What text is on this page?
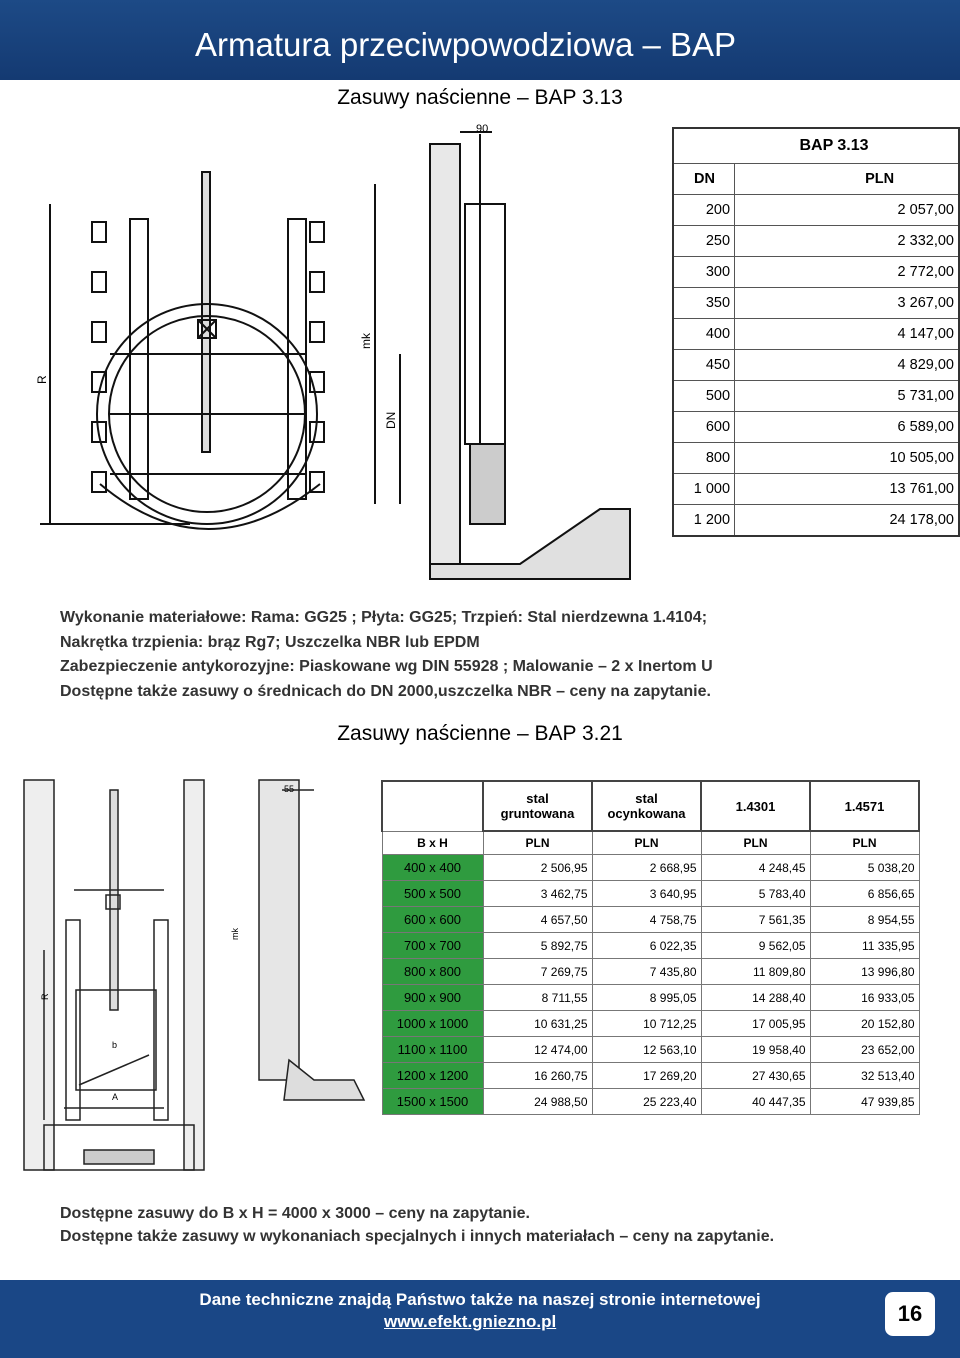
Armatura przeciwpowodziowa – BAP
Zasuwy naścienne – BAP 3.13
90
mk
DN
R
BAP 3.13	
DN	PLN
200	2 057,00
250	2 332,00
300	2 772,00
350	3 267,00
400	4 147,00
450	4 829,00
500	5 731,00
600	6 589,00
800	10 505,00
1 000	13 761,00
1 200	24 178,00
Wykonanie materiałowe: Rama: GG25 ; Płyta: GG25; Trzpień: Stal nierdzewna 1.4104;
Nakrętka trzpienia: brąz Rg7; Uszczelka NBR lub EPDM
Zabezpieczenie antykorozyjne: Piaskowane wg DIN 55928 ; Malowanie – 2 x Inertom U
Dostępne także zasuwy o średnicach do DN 2000,uszczelka NBR – ceny na zapytanie.
Zasuwy naścienne – BAP 3.21
55
mk
R
b
A
	stal gruntowana	stal ocynkowana	1.4301	1.4571
B x H	PLN	PLN	PLN	PLN
400 x 400	2 506,95	2 668,95	4 248,45	5 038,20
500 x 500	3 462,75	3 640,95	5 783,40	6 856,65
600 x 600	4 657,50	4 758,75	7 561,35	8 954,55
700 x 700	5 892,75	6 022,35	9 562,05	11 335,95
800 x 800	7 269,75	7 435,80	11 809,80	13 996,80
900 x 900	8 711,55	8 995,05	14 288,40	16 933,05
1000 x 1000	10 631,25	10 712,25	17 005,95	20 152,80
1100 x 1100	12 474,00	12 563,10	19 958,40	23 652,00
1200 x 1200	16 260,75	17 269,20	27 430,65	32 513,40
1500 x 1500	24 988,50	25 223,40	40 447,35	47 939,85
Dostępne zasuwy do B x H = 4000 x 3000 – ceny na zapytanie.
Dostępne także zasuwy w wykonaniach specjalnych i innych materiałach – ceny na zapytanie.
Dane techniczne znajdą Państwo także na naszej stronie internetowej
www.efekt.gniezno.pl	16
